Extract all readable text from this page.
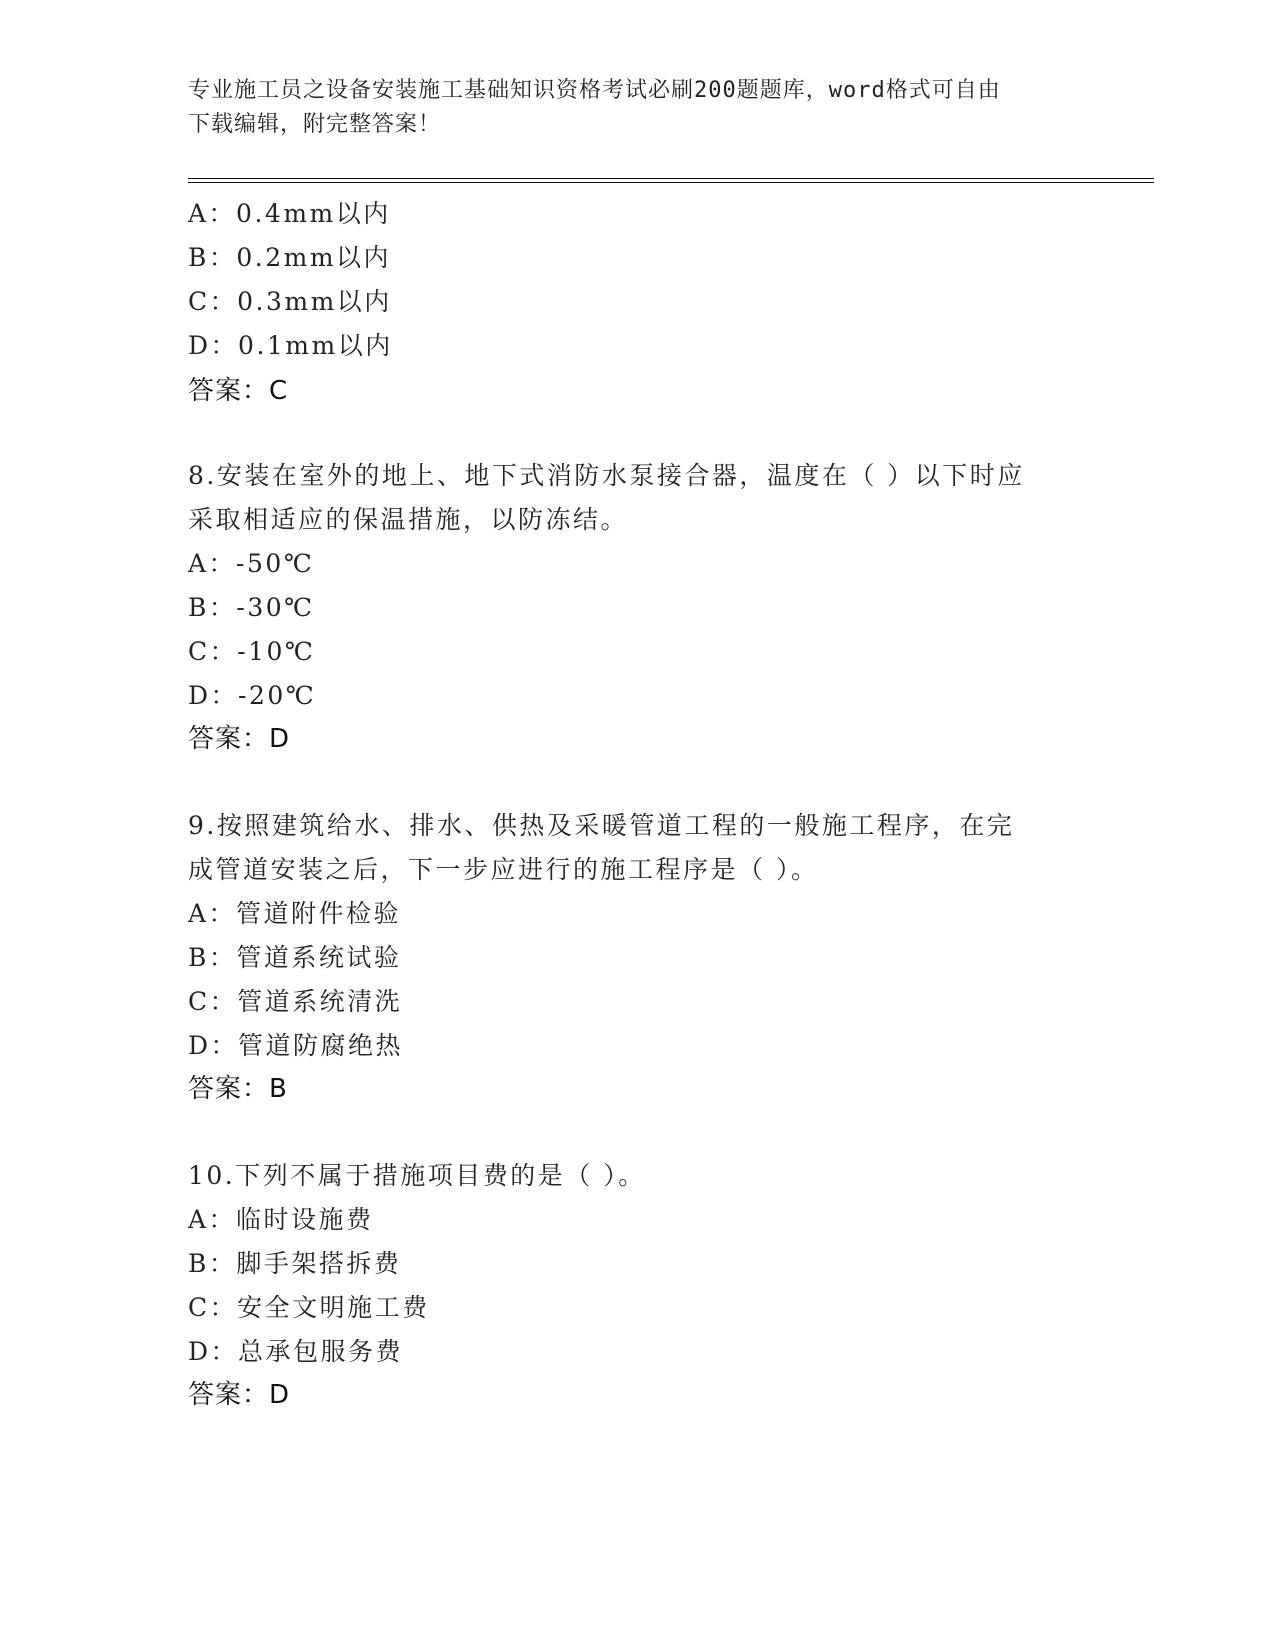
专业施工员之设备安装施工基础知识资格考试必刷200题题库，word格式可自由
下载编辑，附完整答案！
A：0.4mm以内
B：0.2mm以内
C：0.3mm以内
D：0.1mm以内
答案：C
8.安装在室外的地上、地下式消防水泵接合器，温度在（ ）以下时应
采取相适应的保温措施，以防冻结。
A：-50℃
B：-30℃
C：-10℃
D：-20℃
答案：D
9.按照建筑给水、排水、供热及采暖管道工程的一般施工程序，在完
成管道安装之后，下一步应进行的施工程序是（ ）。
A：管道附件检验
B：管道系统试验
C：管道系统清洗
D：管道防腐绝热
答案：B
10.下列不属于措施项目费的是（ ）。
A：临时设施费
B：脚手架搭拆费
C：安全文明施工费
D：总承包服务费
答案：D
